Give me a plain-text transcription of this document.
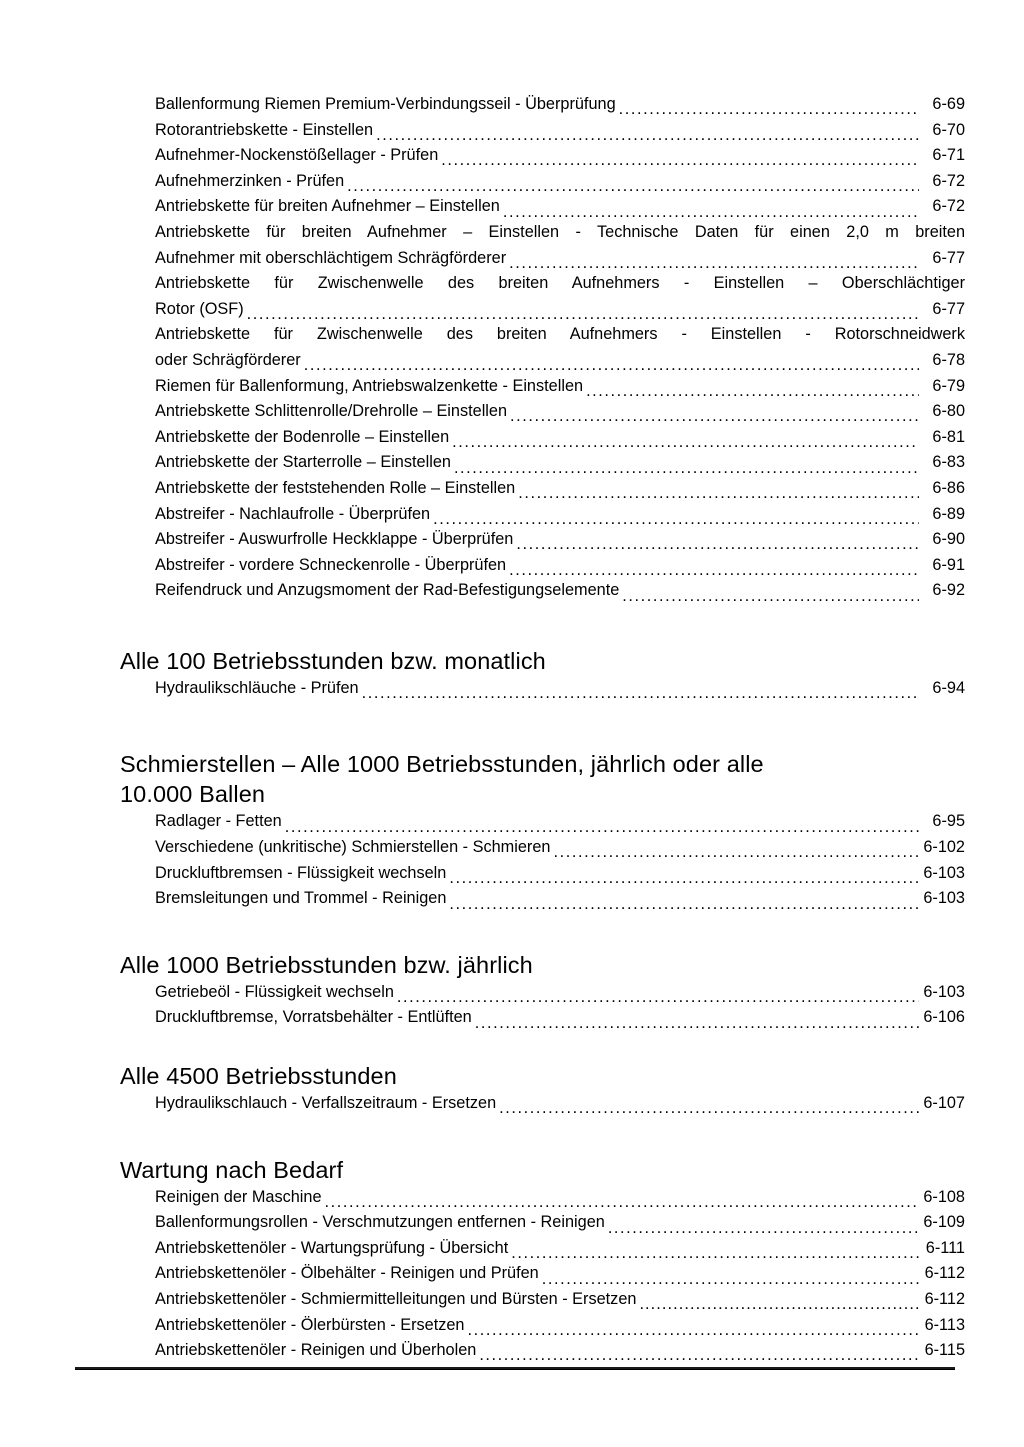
Ballenformung Riemen Premium-Verbindungsseil - Überprüfung .....	6-69
Rotorantriebskette - Einstellen .....	6-70
Aufnehmer-Nockenstößellager - Prüfen .....	6-71
Aufnehmerzinken - Prüfen .....	6-72
Antriebskette für breiten Aufnehmer – Einstellen .....	6-72
Antriebskette für breiten Aufnehmer – Einstellen - Technische Daten für einen 2,0 m breiten
Aufnehmer mit oberschlächtigem Schrägförderer .....	6-77
Antriebskette für Zwischenwelle des breiten Aufnehmers - Einstellen – Oberschlächtiger
Rotor (OSF) .....	6-77
Antriebskette für Zwischenwelle des breiten Aufnehmers - Einstellen - Rotorschneidwerk
oder Schrägförderer .....	6-78
Riemen für Ballenformung, Antriebswalzenkette - Einstellen .....	6-79
Antriebskette Schlittenrolle/Drehrolle – Einstellen .....	6-80
Antriebskette der Bodenrolle – Einstellen .....	6-81
Antriebskette der Starterrolle – Einstellen .....	6-83
Antriebskette der feststehenden Rolle – Einstellen .....	6-86
Abstreifer - Nachlaufrolle - Überprüfen .....	6-89
Abstreifer - Auswurfrolle Heckklappe - Überprüfen .....	6-90
Abstreifer - vordere Schneckenrolle - Überprüfen .....	6-91
Reifendruck und Anzugsmoment der Rad-Befestigungselemente .....	6-92
Alle 100 Betriebsstunden bzw. monatlich
Hydraulikschläuche - Prüfen .....	6-94
Schmierstellen – Alle 1000 Betriebsstunden, jährlich oder alle
10.000 Ballen
Radlager - Fetten .....	6-95
Verschiedene (unkritische) Schmierstellen - Schmieren .....	6-102
Druckluftbremsen - Flüssigkeit wechseln .....	6-103
Bremsleitungen und Trommel - Reinigen .....	6-103
Alle 1000 Betriebsstunden bzw. jährlich
Getriebeöl - Flüssigkeit wechseln .....	6-103
Druckluftbremse, Vorratsbehälter - Entlüften .....	6-106
Alle 4500 Betriebsstunden
Hydraulikschlauch - Verfallszeitraum - Ersetzen .....	6-107
Wartung nach Bedarf
Reinigen der Maschine .....	6-108
Ballenformungsrollen - Verschmutzungen entfernen - Reinigen .....	6-109
Antriebskettenöler - Wartungsprüfung - Übersicht .....	6-111
Antriebskettenöler - Ölbehälter - Reinigen und Prüfen .....	6-112
Antriebskettenöler - Schmiermittelleitungen und Bürsten - Ersetzen .....	6-112
Antriebskettenöler - Ölerbürsten - Ersetzen .....	6-113
Antriebskettenöler - Reinigen und Überholen .....	6-115
